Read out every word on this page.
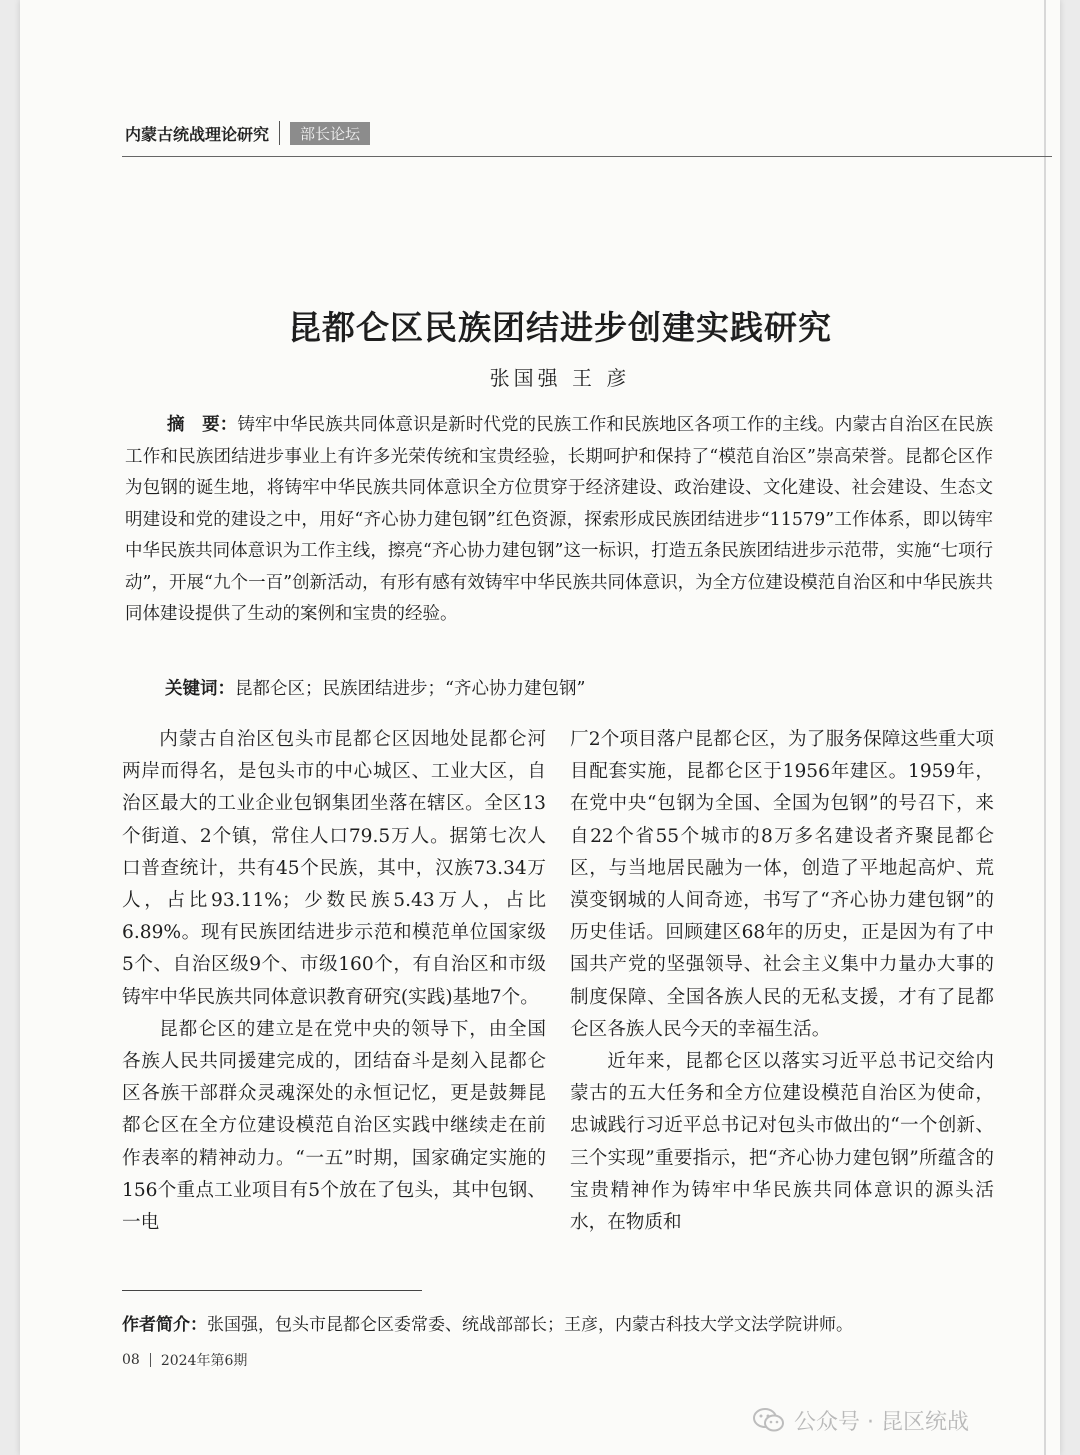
内蒙古统战理论研究	部长论坛
昆都仑区民族团结进步创建实践研究
张国强 王 彦
摘　要：铸牢中华民族共同体意识是新时代党的民族工作和民族地区各项工作的主线。内蒙古自治区在民族工作和民族团结进步事业上有许多光荣传统和宝贵经验，长期呵护和保持了“模范自治区”崇高荣誉。昆都仑区作为包钢的诞生地，将铸牢中华民族共同体意识全方位贯穿于经济建设、政治建设、文化建设、社会建设、生态文明建设和党的建设之中，用好“齐心协力建包钢”红色资源，探索形成民族团结进步“11579”工作体系，即以铸牢中华民族共同体意识为工作主线，擦亮“齐心协力建包钢”这一标识，打造五条民族团结进步示范带，实施“七项行动”，开展“九个一百”创新活动，有形有感有效铸牢中华民族共同体意识，为全方位建设模范自治区和中华民族共同体建设提供了生动的案例和宝贵的经验。
关键词：昆都仑区；民族团结进步；“齐心协力建包钢”

内蒙古自治区包头市昆都仑区因地处昆都仑河两岸而得名，是包头市的中心城区、工业大区，自治区最大的工业企业包钢集团坐落在辖区。全区13个街道、2个镇，常住人口79.5万人。据第七次人口普查统计，共有45个民族，其中，汉族73.34万人，占比93.11%；少数民族5.43万人，占比6.89%。现有民族团结进步示范和模范单位国家级5个、自治区级9个、市级160个，有自治区和市级铸牢中华民族共同体意识教育研究(实践)基地7个。

昆都仑区的建立是在党中央的领导下，由全国各族人民共同援建完成的，团结奋斗是刻入昆都仑区各族干部群众灵魂深处的永恒记忆，更是鼓舞昆都仑区在全方位建设模范自治区实践中继续走在前作表率的精神动力。“一五”时期，国家确定实施的156个重点工业项目有5个放在了包头，其中包钢、一电

厂2个项目落户昆都仑区，为了服务保障这些重大项目配套实施，昆都仑区于1956年建区。1959年，在党中央“包钢为全国、全国为包钢”的号召下，来自22个省55个城市的8万多名建设者齐聚昆都仑区，与当地居民融为一体，创造了平地起高炉、荒漠变钢城的人间奇迹，书写了“齐心协力建包钢”的历史佳话。回顾建区68年的历史，正是因为有了中国共产党的坚强领导、社会主义集中力量办大事的制度保障、全国各族人民的无私支援，才有了昆都仑区各族人民今天的幸福生活。

近年来，昆都仑区以落实习近平总书记交给内蒙古的五大任务和全方位建设模范自治区为使命，忠诚践行习近平总书记对包头市做出的“一个创新、三个实现”重要指示，把“齐心协力建包钢”所蕴含的宝贵精神作为铸牢中华民族共同体意识的源头活水，在物质和

作者简介：张国强，包头市昆都仑区委常委、统战部部长；王彦，内蒙古科技大学文法学院讲师。
08 2024年第6期
公众号 · 昆区统战
